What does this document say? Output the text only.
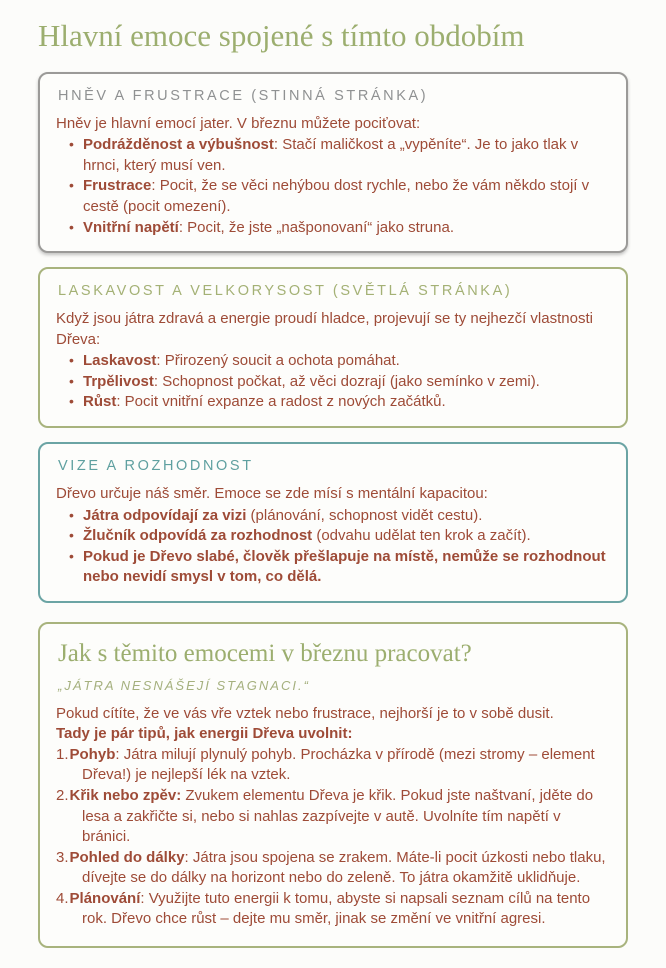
Hlavní emoce spojené s tímto obdobím
HNĚV A FRUSTRACE (STINNÁ STRÁNKA)

Hněv je hlavní emocí jater. V březnu můžete pociťovat:

• Podrážděnost a výbušnost: Stačí maličkost a „vypěníte“. Je to jako tlak v hrnci, který musí ven.
• Frustrace: Pocit, že se věci nehýbou dost rychle, nebo že vám někdo stojí v cestě (pocit omezení).
• Vnitřní napětí: Pocit, že jste „našponovaní“ jako struna.
LASKAVOST A VELKORYSOST (SVĚTLÁ STRÁNKA)

Když jsou játra zdravá a energie proudí hladce, projevují se ty nejhezčí vlastnosti Dřeva:

• Laskavost: Přirozený soucit a ochota pomáhat.
• Trpělivost: Schopnost počkat, až věci dozrají (jako semínko v zemi).
• Růst: Pocit vnitřní expanze a radost z nových začátků.
VIZE A ROZHODNOST

Dřevo určuje náš směr. Emoce se zde mísí s mentální kapacitou:

• Játra odpovídají za vizi (plánování, schopnost vidět cestu).
• Žlučník odpovídá za rozhodnost (odvahu udělat ten krok a začít).
• Pokud je Dřevo slabé, člověk přešlapuje na místě, nemůže se rozhodnout nebo nevidí smysl v tom, co dělá.
Jak s těmito emocemi v březnu pracovat?
„JÁTRA NESNÁŠEJÍ STAGNACI.“

Pokud cítíte, že ve vás vře vztek nebo frustrace, nejhorší je to v sobě dusit.

Tady je pár tipů, jak energii Dřeva uvolnit:

1.Pohyb: Játra milují plynulý pohyb. Procházka v přírodě (mezi stromy – element Dřeva!) je nejlepší lék na vztek.
2.Křik nebo zpěv: Zvukem elementu Dřeva je křik. Pokud jste naštvaní, jděte do lesa a zakřičte si, nebo si nahlas zazpívejte v autě. Uvolníte tím napětí v bránici.
3.Pohled do dálky: Játra jsou spojena se zrakem. Máte-li pocit úzkosti nebo tlaku, dívejte se do dálky na horizont nebo do zeleně. To játra okamžitě uklidňuje.
4.Plánování: Využijte tuto energii k tomu, abyste si napsali seznam cílů na tento rok. Dřevo chce růst – dejte mu směr, jinak se změní ve vnitřní agresi.
